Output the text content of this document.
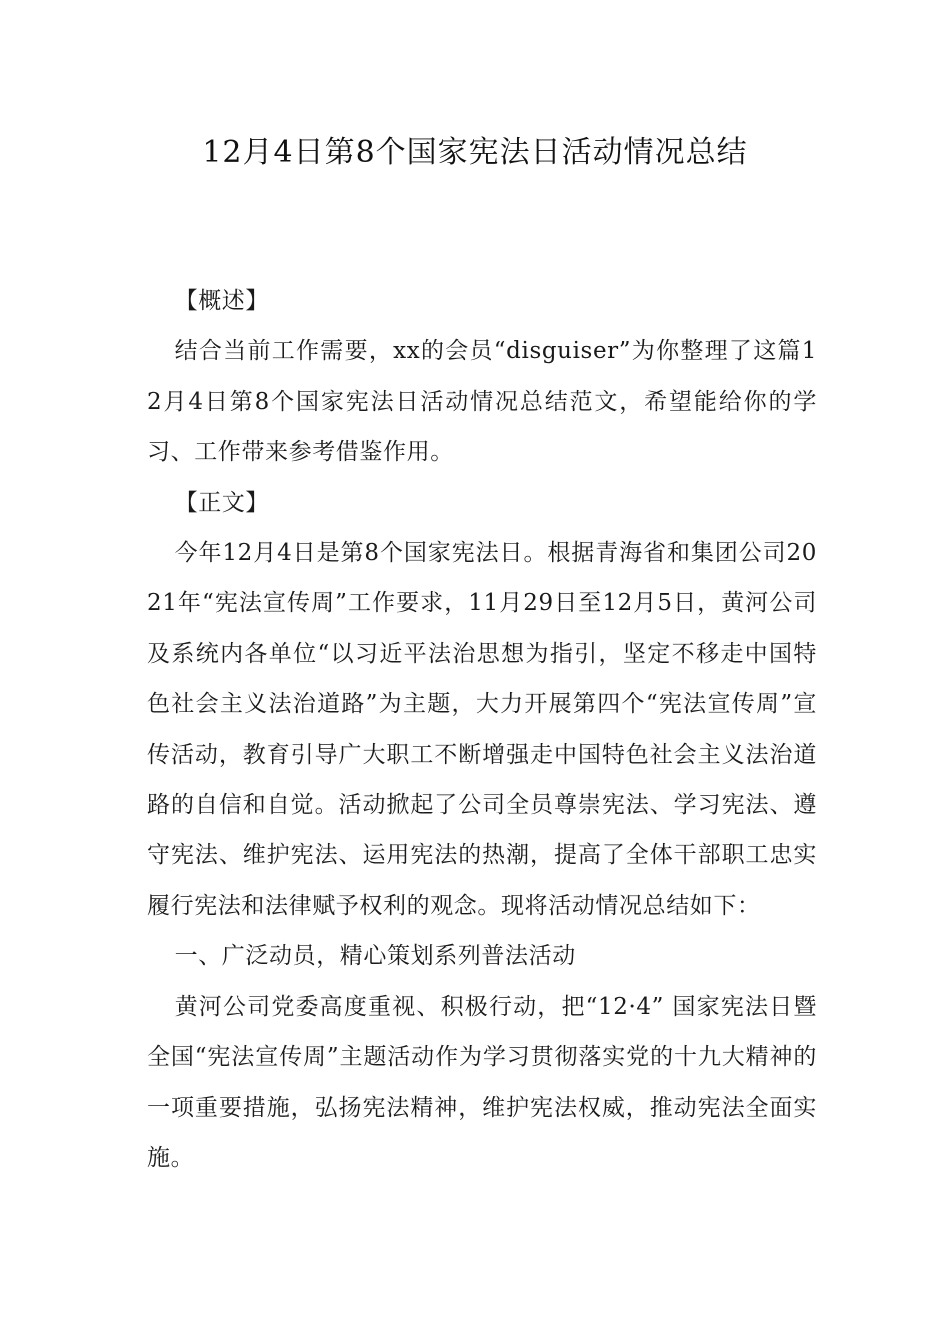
12月4日第8个国家宪法日活动情况总结

【概述】

结合当前工作需要，xx的会员“disguiser”为你整理了这篇12月4日第8个国家宪法日活动情况总结范文，希望能给你的学习、工作带来参考借鉴作用。

【正文】

今年12月4日是第8个国家宪法日。根据青海省和集团公司2021年“宪法宣传周”工作要求，11月29日至12月5日，黄河公司及系统内各单位“以习近平法治思想为指引，坚定不移走中国特色社会主义法治道路”为主题，大力开展第四个“宪法宣传周”宣传活动，教育引导广大职工不断增强走中国特色社会主义法治道路的自信和自觉。活动掀起了公司全员尊崇宪法、学习宪法、遵守宪法、维护宪法、运用宪法的热潮，提高了全体干部职工忠实履行宪法和法律赋予权利的观念。现将活动情况总结如下：

一、广泛动员，精心策划系列普法活动

黄河公司党委高度重视、积极行动，把“12·4” 国家宪法日暨全国“宪法宣传周”主题活动作为学习贯彻落实党的十九大精神的一项重要措施，弘扬宪法精神，维护宪法权威，推动宪法全面实施。
